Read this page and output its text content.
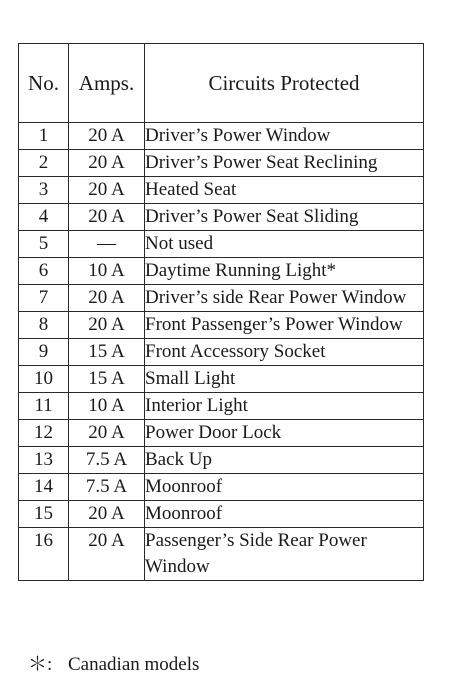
No.	Amps.	Circuits Protected
1	20 A	Driver’s Power Window
2	20 A	Driver’s Power Seat Reclining
3	20 A	Heated Seat
4	20 A	Driver’s Power Seat Sliding
5	—	Not used
6	10 A	Daytime Running Light*
7	20 A	Driver’s side Rear Power Window
8	20 A	Front Passenger’s Power Window
9	15 A	Front Accessory Socket
10	15 A	Small Light
11	10 A	Interior Light
12	20 A	Power Door Lock
13	7.5 A	Back Up
14	7.5 A	Moonroof
15	20 A	Moonroof
16	20 A	Passenger’s Side Rear Power Window
＊: Canadian models
